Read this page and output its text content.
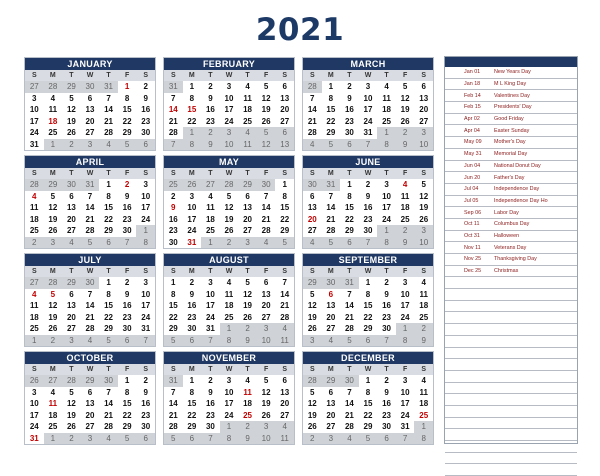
2021
JANUARY
S	M	T	W	T	F	S
27	28	29	30	31	1	2
3	4	5	6	7	8	9
10	11	12	13	14	15	16
17	18	19	20	21	22	23
24	25	26	27	28	29	30
31	1	2	3	4	5	6
FEBRUARY
S	M	T	W	T	F	S
31	1	2	3	4	5	6
7	8	9	10	11	12	13
14	15	16	17	18	19	20
21	22	23	24	25	26	27
28	1	2	3	4	5	6
7	8	9	10	11	12	13
MARCH
S	M	T	W	T	F	S
28	1	2	3	4	5	6
7	8	9	10	11	12	13
14	15	16	17	18	19	20
21	22	23	24	25	26	27
28	29	30	31	1	2	3
4	5	6	7	8	9	10
APRIL
S	M	T	W	T	F	S
28	29	30	31	1	2	3
4	5	6	7	8	9	10
11	12	13	14	15	16	17
18	19	20	21	22	23	24
25	26	27	28	29	30	1
2	3	4	5	6	7	8
MAY
S	M	T	W	T	F	S
25	26	27	28	29	30	1
2	3	4	5	6	7	8
9	10	11	12	13	14	15
16	17	18	19	20	21	22
23	24	25	26	27	28	29
30	31	1	2	3	4	5
JUNE
S	M	T	W	T	F	S
30	31	1	2	3	4	5
6	7	8	9	10	11	12
13	14	15	16	17	18	19
20	21	22	23	24	25	26
27	28	29	30	1	2	3
4	5	6	7	8	9	10
JULY
S	M	T	W	T	F	S
27	28	29	30	1	2	3
4	5	6	7	8	9	10
11	12	13	14	15	16	17
18	19	20	21	22	23	24
25	26	27	28	29	30	31
1	2	3	4	5	6	7
AUGUST
S	M	T	W	T	F	S
1	2	3	4	5	6	7
8	9	10	11	12	13	14
15	16	17	18	19	20	21
22	23	24	25	26	27	28
29	30	31	1	2	3	4
5	6	7	8	9	10	11
SEPTEMBER
S	M	T	W	T	F	S
29	30	31	1	2	3	4
5	6	7	8	9	10	11
12	13	14	15	16	17	18
19	20	21	22	23	24	25
26	27	28	29	30	1	2
3	4	5	6	7	8	9
OCTOBER
S	M	T	W	T	F	S
26	27	28	29	30	1	2
3	4	5	6	7	8	9
10	11	12	13	14	15	16
17	18	19	20	21	22	23
24	25	26	27	28	29	30
31	1	2	3	4	5	6
NOVEMBER
S	M	T	W	T	F	S
31	1	2	3	4	5	6
7	8	9	10	11	12	13
14	15	16	17	18	19	20
21	22	23	24	25	26	27
28	29	30	1	2	3	4
5	6	7	8	9	10	11
DECEMBER
S	M	T	W	T	F	S
28	29	30	1	2	3	4
5	6	7	8	9	10	11
12	13	14	15	16	17	18
19	20	21	22	23	24	25
26	27	28	29	30	31	1
2	3	4	5	6	7	8
Jan 01	New Years Day
Jan 18	M L King Day
Feb 14	Valentines Day
Feb 15	Presidents' Day
Apr 02	Good Friday
Apr 04	Easter Sunday
May 09	Mother's Day
May 31	Memorial Day
Jun 04	National Donut Day
Jun 20	Father's Day
Jul 04	Independence Day
Jul 05	Independence Day Ho
Sep 06	Labor Day
Oct 11	Columbus Day
Oct 31	Halloween
Nov 11	Veterans Day
Nov 25	Thanksgiving Day
Dec 25	Christmas
